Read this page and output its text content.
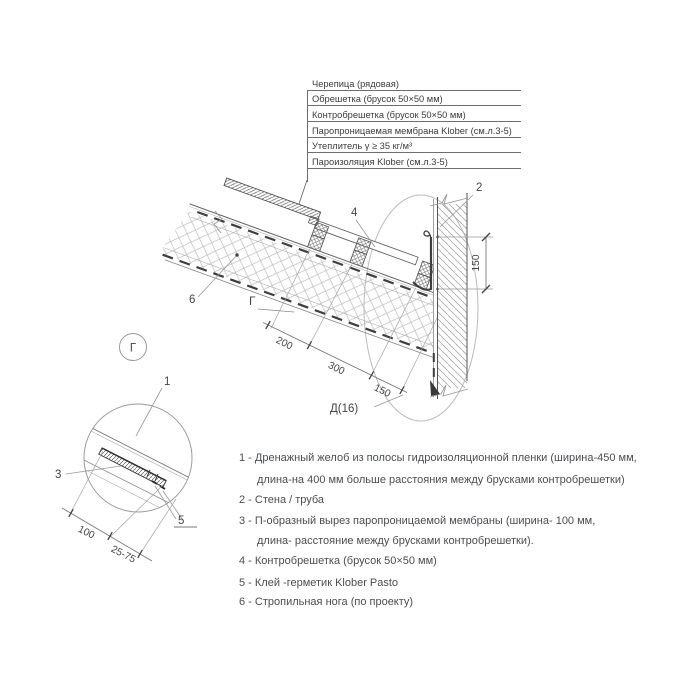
150
200
300
150
2
4
6	Г
Д(16)
Г
1
3
5
100
25-75
Черепица (рядовая)
Обрешетка (брусок 50×50 мм)
Контробрешетка (брусок 50×50 мм)
Паропроницаемая мембрана Klober (см.л.3-5)
Утеплитель γ ≥ 35 кг/м³
Пароизоляция Klober (см.л.3-5)
1 - Дренажный желоб из полосы гидроизоляционной пленки (ширина-450 мм,
длина-на 400 мм больше расстояния между брусками контробрешетки)
2 - Стена / труба
3 - П-образный вырез паропроницаемой мембраны (ширина- 100 мм,
длина- расстояние между брусками контробрешетки).
4 - Контробрешетка (брусок 50×50 мм)
5 - Клей -герметик Klober Pasto
6 - Стропильная нога (по проекту)
